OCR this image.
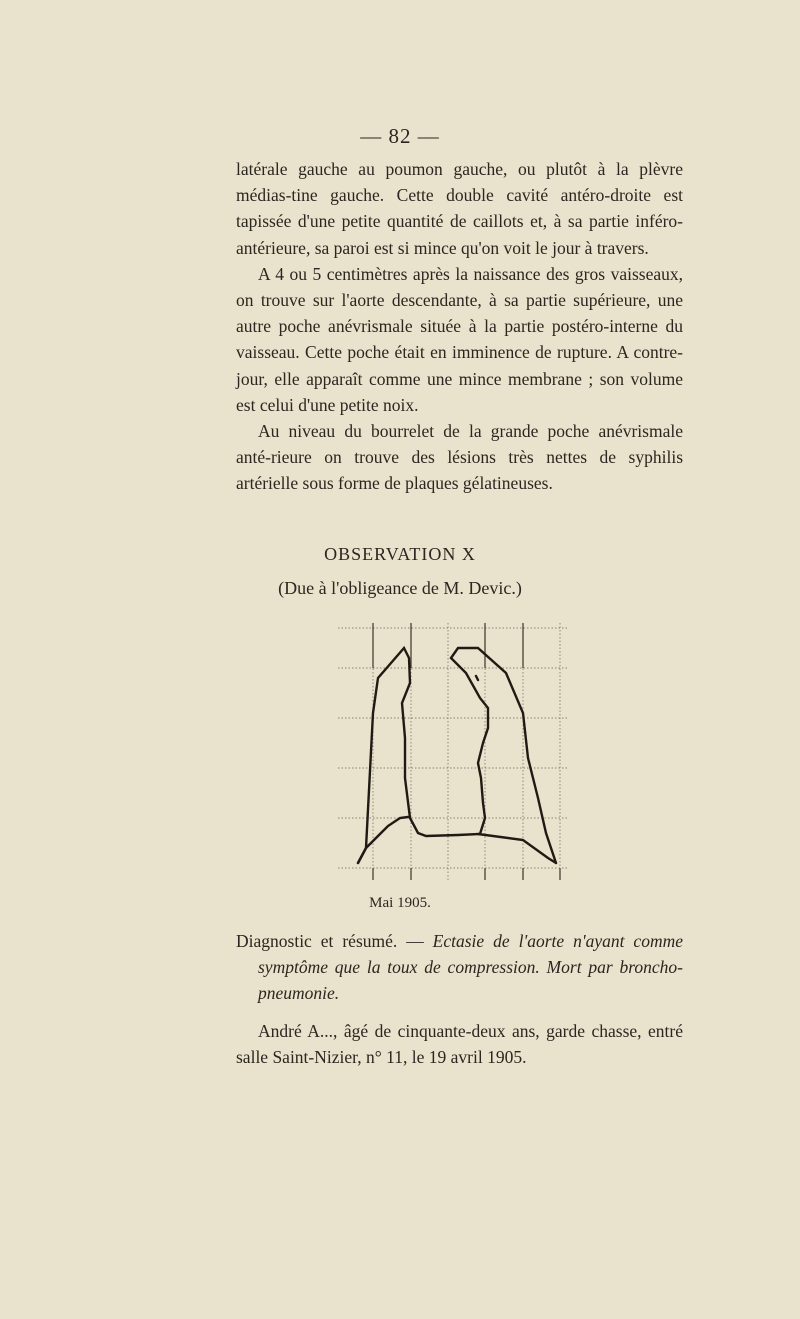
— 82 —

latérale gauche au poumon gauche, ou plutôt à la plèvre médias-tine gauche. Cette double cavité antéro-droite est tapissée d'une petite quantité de caillots et, à sa partie inféro-antérieure, sa paroi est si mince qu'on voit le jour à travers.

A 4 ou 5 centimètres après la naissance des gros vaisseaux, on trouve sur l'aorte descendante, à sa partie supérieure, une autre poche anévrismale située à la partie postéro-interne du vaisseau. Cette poche était en imminence de rupture. A contre-jour, elle apparaît comme une mince membrane ; son volume est celui d'une petite noix.

Au niveau du bourrelet de la grande poche anévrismale anté-rieure on trouve des lésions très nettes de syphilis artérielle sous forme de plaques gélatineuses.

OBSERVATION X
(Due à l'obligeance de M. Devic.)
Mai 1905.

Diagnostic et résumé. — Ectasie de l'aorte n'ayant comme symptôme que la toux de compression. Mort par broncho-pneumonie.

André A..., âgé de cinquante-deux ans, garde chasse, entré salle Saint-Nizier, n° 11, le 19 avril 1905.
